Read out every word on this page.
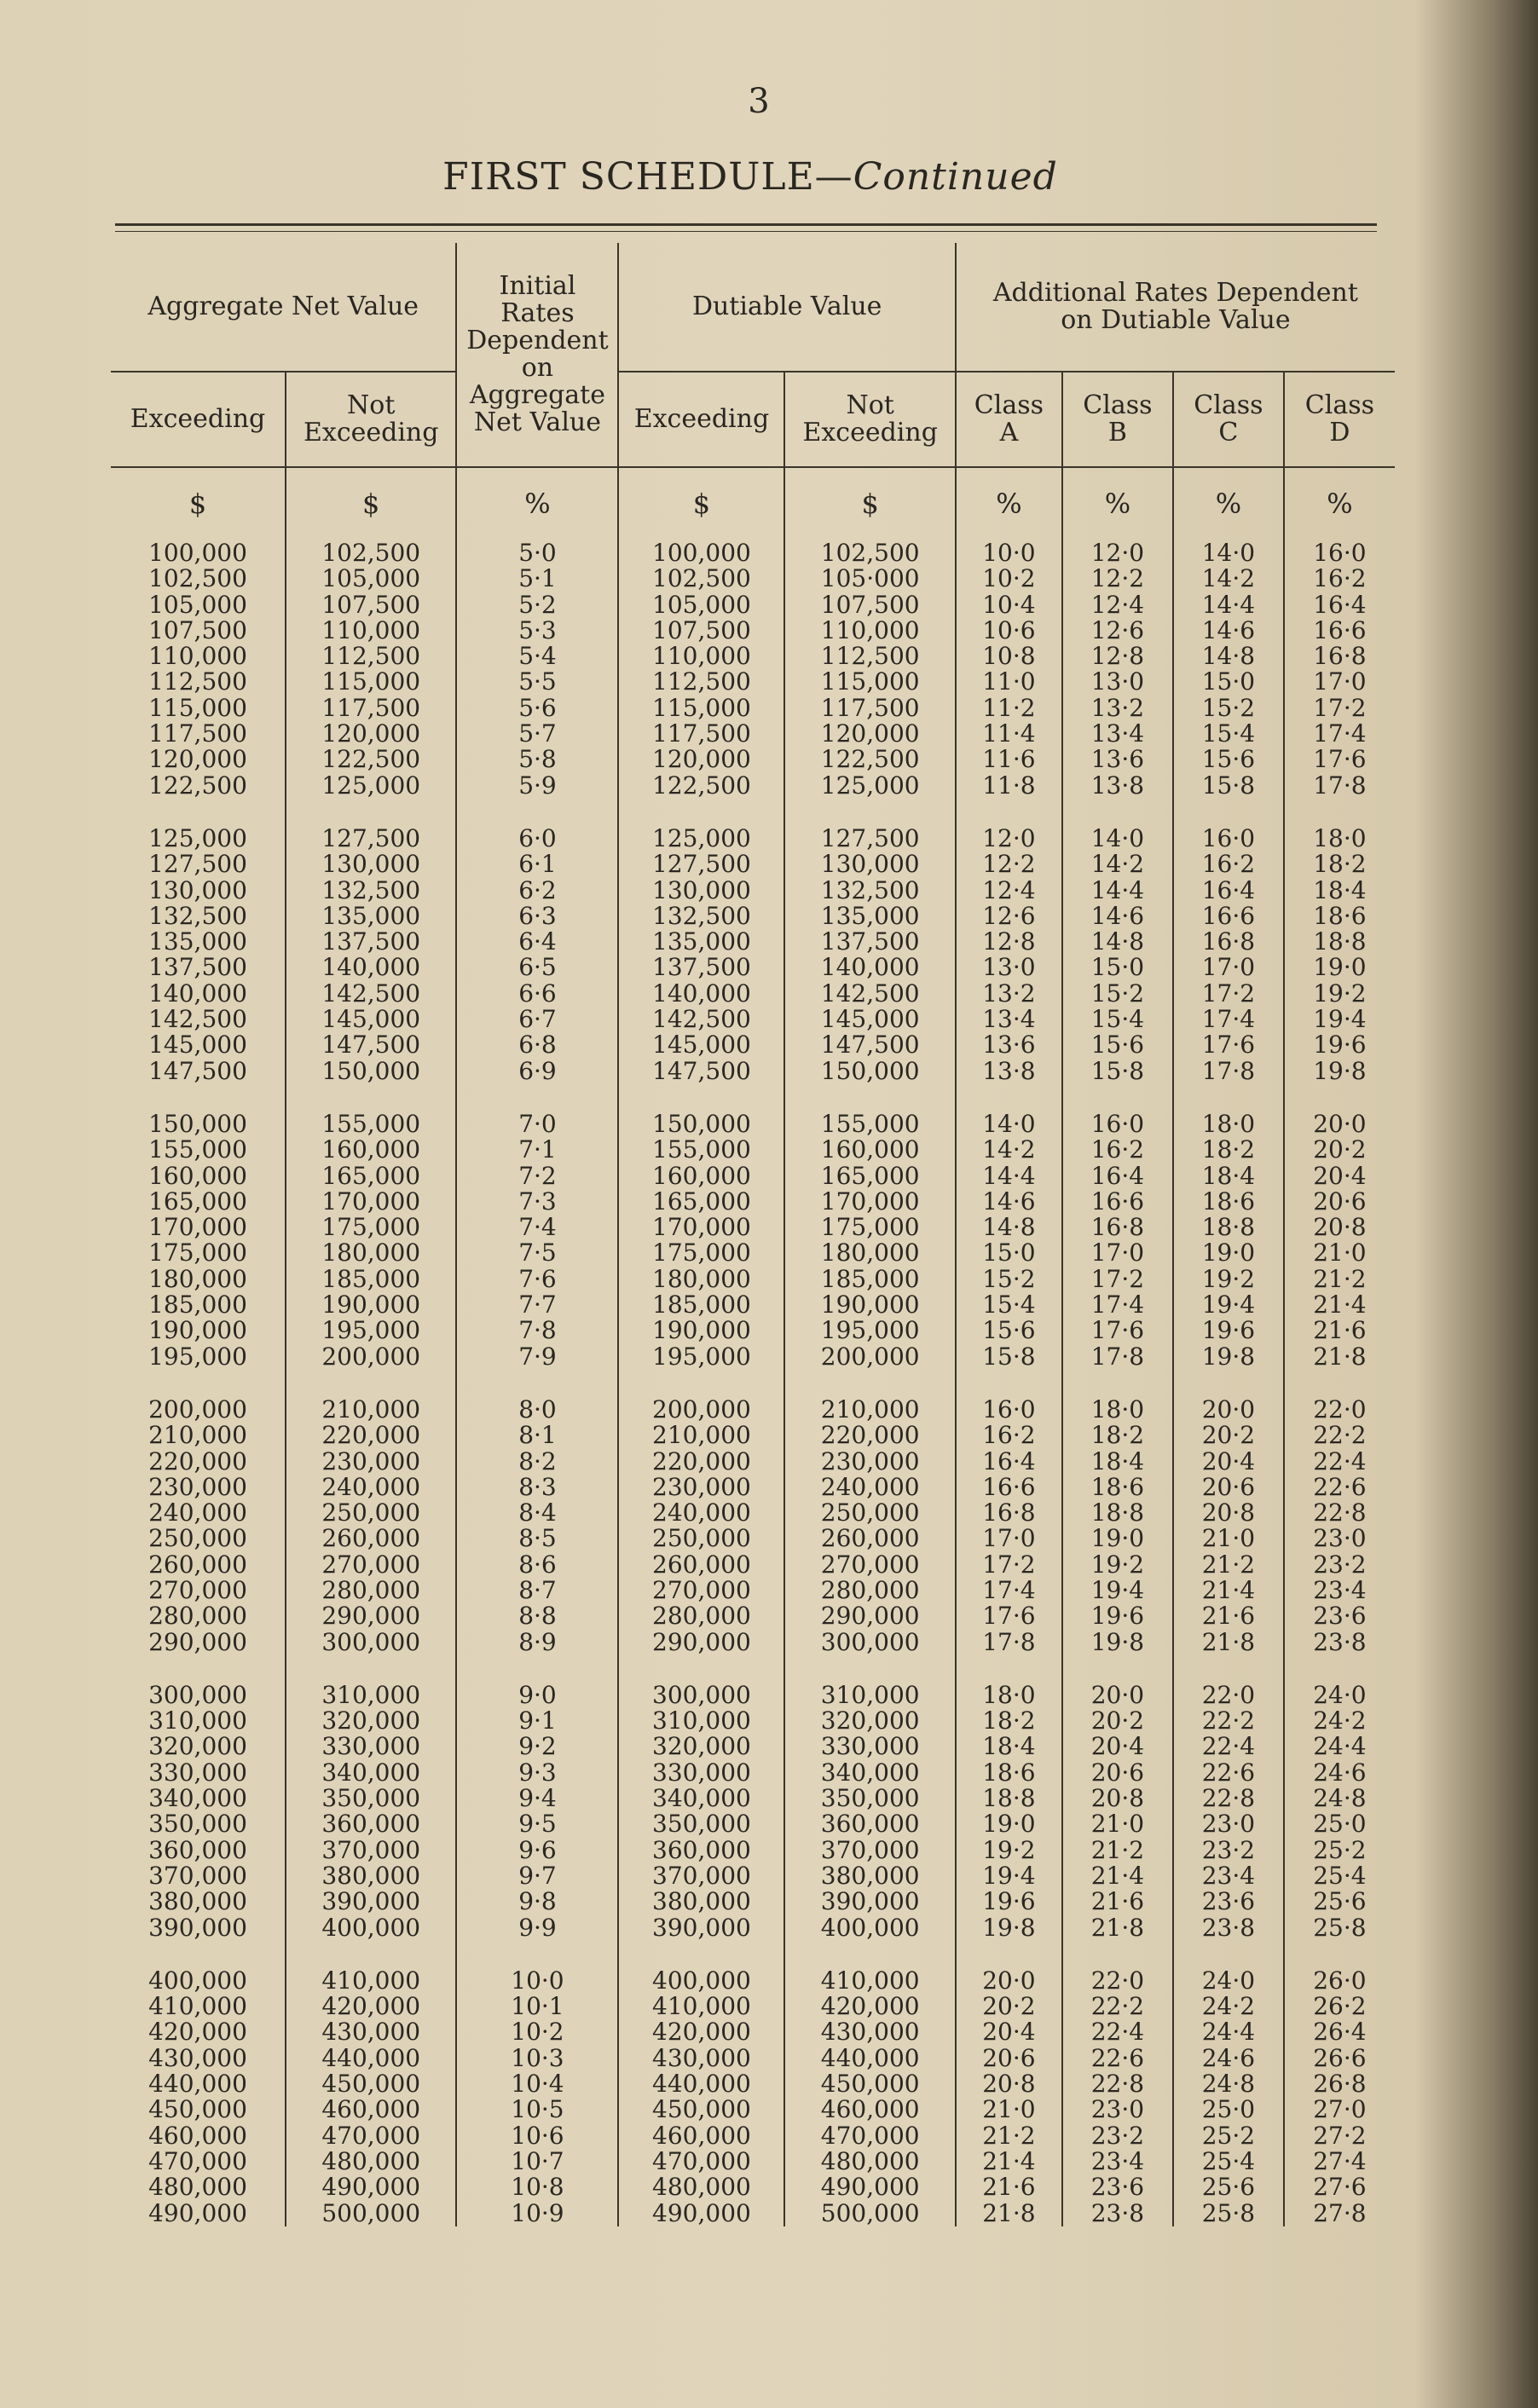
3
FIRST SCHEDULE—Continued
Aggregate Net Value		Initial Rates Dependent on Aggregate Net Value	Dutiable Value		Additional Rates Dependent on Dutiable Value			
Exceeding	Not Exceeding		Exceeding	Not Exceeding	Class A	Class B	Class C	Class D
$	$	%	$	$	%	%	%	%
100,000	102,500	5·0	100,000	102,500	10·0	12·0	14·0	16·0
102,500	105,000	5·1	102,500	105·000	10·2	12·2	14·2	16·2
105,000	107,500	5·2	105,000	107,500	10·4	12·4	14·4	16·4
107,500	110,000	5·3	107,500	110,000	10·6	12·6	14·6	16·6
110,000	112,500	5·4	110,000	112,500	10·8	12·8	14·8	16·8
112,500	115,000	5·5	112,500	115,000	11·0	13·0	15·0	17·0
115,000	117,500	5·6	115,000	117,500	11·2	13·2	15·2	17·2
117,500	120,000	5·7	117,500	120,000	11·4	13·4	15·4	17·4
120,000	122,500	5·8	120,000	122,500	11·6	13·6	15·6	17·6
122,500	125,000	5·9	122,500	125,000	11·8	13·8	15·8	17·8

125,000	127,500	6·0	125,000	127,500	12·0	14·0	16·0	18·0
127,500	130,000	6·1	127,500	130,000	12·2	14·2	16·2	18·2
130,000	132,500	6·2	130,000	132,500	12·4	14·4	16·4	18·4
132,500	135,000	6·3	132,500	135,000	12·6	14·6	16·6	18·6
135,000	137,500	6·4	135,000	137,500	12·8	14·8	16·8	18·8
137,500	140,000	6·5	137,500	140,000	13·0	15·0	17·0	19·0
140,000	142,500	6·6	140,000	142,500	13·2	15·2	17·2	19·2
142,500	145,000	6·7	142,500	145,000	13·4	15·4	17·4	19·4
145,000	147,500	6·8	145,000	147,500	13·6	15·6	17·6	19·6
147,500	150,000	6·9	147,500	150,000	13·8	15·8	17·8	19·8

150,000	155,000	7·0	150,000	155,000	14·0	16·0	18·0	20·0
155,000	160,000	7·1	155,000	160,000	14·2	16·2	18·2	20·2
160,000	165,000	7·2	160,000	165,000	14·4	16·4	18·4	20·4
165,000	170,000	7·3	165,000	170,000	14·6	16·6	18·6	20·6
170,000	175,000	7·4	170,000	175,000	14·8	16·8	18·8	20·8
175,000	180,000	7·5	175,000	180,000	15·0	17·0	19·0	21·0
180,000	185,000	7·6	180,000	185,000	15·2	17·2	19·2	21·2
185,000	190,000	7·7	185,000	190,000	15·4	17·4	19·4	21·4
190,000	195,000	7·8	190,000	195,000	15·6	17·6	19·6	21·6
195,000	200,000	7·9	195,000	200,000	15·8	17·8	19·8	21·8

200,000	210,000	8·0	200,000	210,000	16·0	18·0	20·0	22·0
210,000	220,000	8·1	210,000	220,000	16·2	18·2	20·2	22·2
220,000	230,000	8·2	220,000	230,000	16·4	18·4	20·4	22·4
230,000	240,000	8·3	230,000	240,000	16·6	18·6	20·6	22·6
240,000	250,000	8·4	240,000	250,000	16·8	18·8	20·8	22·8
250,000	260,000	8·5	250,000	260,000	17·0	19·0	21·0	23·0
260,000	270,000	8·6	260,000	270,000	17·2	19·2	21·2	23·2
270,000	280,000	8·7	270,000	280,000	17·4	19·4	21·4	23·4
280,000	290,000	8·8	280,000	290,000	17·6	19·6	21·6	23·6
290,000	300,000	8·9	290,000	300,000	17·8	19·8	21·8	23·8

300,000	310,000	9·0	300,000	310,000	18·0	20·0	22·0	24·0
310,000	320,000	9·1	310,000	320,000	18·2	20·2	22·2	24·2
320,000	330,000	9·2	320,000	330,000	18·4	20·4	22·4	24·4
330,000	340,000	9·3	330,000	340,000	18·6	20·6	22·6	24·6
340,000	350,000	9·4	340,000	350,000	18·8	20·8	22·8	24·8
350,000	360,000	9·5	350,000	360,000	19·0	21·0	23·0	25·0
360,000	370,000	9·6	360,000	370,000	19·2	21·2	23·2	25·2
370,000	380,000	9·7	370,000	380,000	19·4	21·4	23·4	25·4
380,000	390,000	9·8	380,000	390,000	19·6	21·6	23·6	25·6
390,000	400,000	9·9	390,000	400,000	19·8	21·8	23·8	25·8

400,000	410,000	10·0	400,000	410,000	20·0	22·0	24·0	26·0
410,000	420,000	10·1	410,000	420,000	20·2	22·2	24·2	26·2
420,000	430,000	10·2	420,000	430,000	20·4	22·4	24·4	26·4
430,000	440,000	10·3	430,000	440,000	20·6	22·6	24·6	26·6
440,000	450,000	10·4	440,000	450,000	20·8	22·8	24·8	26·8
450,000	460,000	10·5	450,000	460,000	21·0	23·0	25·0	27·0
460,000	470,000	10·6	460,000	470,000	21·2	23·2	25·2	27·2
470,000	480,000	10·7	470,000	480,000	21·4	23·4	25·4	27·4
480,000	490,000	10·8	480,000	490,000	21·6	23·6	25·6	27·6
490,000	500,000	10·9	490,000	500,000	21·8	23·8	25·8	27·8
